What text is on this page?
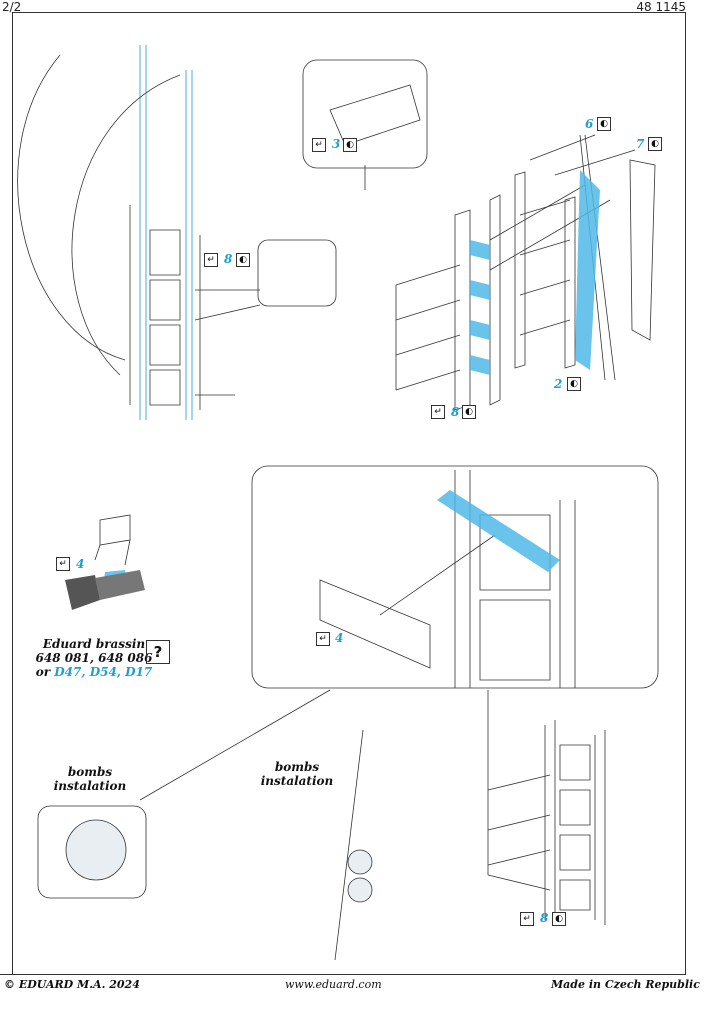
2/2	48 1145
↵ 3 ◐
↵ 8 ◐
6 ◐
7 ◐
2 ◐
↵ 8 ◐
↵ 4
↵ 4
↵ 8 ◐
Eduard brassin
648 081, 648 086
or D47, D54, D17
?
bombs
instalation
bombs
instalation
© EDUARD M.A. 2024	www.eduard.com	Made in Czech Republic
